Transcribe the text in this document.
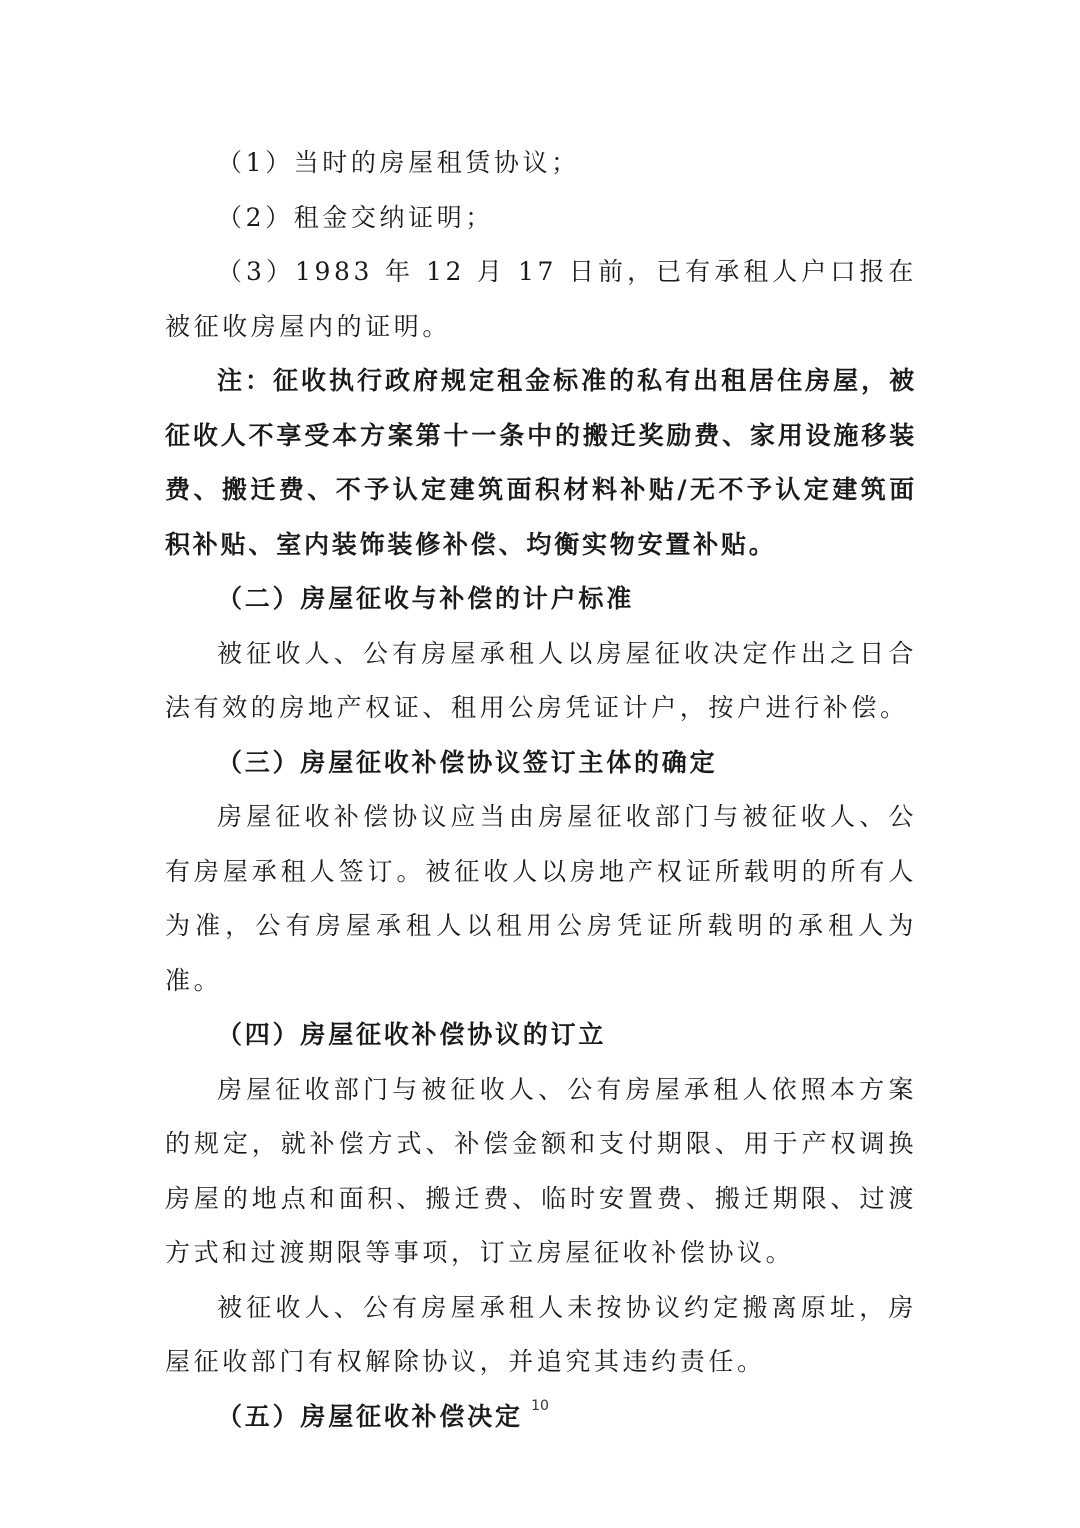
（1）当时的房屋租赁协议；

（2）租金交纳证明；

（3）1983 年 12 月 17 日前，已有承租人户口报在被征收房屋内的证明。

注：征收执行政府规定租金标准的私有出租居住房屋，被征收人不享受本方案第十一条中的搬迁奖励费、家用设施移装费、搬迁费、不予认定建筑面积材料补贴/无不予认定建筑面积补贴、室内装饰装修补偿、均衡实物安置补贴。

（二）房屋征收与补偿的计户标准

被征收人、公有房屋承租人以房屋征收决定作出之日合法有效的房地产权证、租用公房凭证计户，按户进行补偿。

（三）房屋征收补偿协议签订主体的确定

房屋征收补偿协议应当由房屋征收部门与被征收人、公有房屋承租人签订。被征收人以房地产权证所载明的所有人为准，公有房屋承租人以租用公房凭证所载明的承租人为准。

（四）房屋征收补偿协议的订立

房屋征收部门与被征收人、公有房屋承租人依照本方案的规定，就补偿方式、补偿金额和支付期限、用于产权调换房屋的地点和面积、搬迁费、临时安置费、搬迁期限、过渡方式和过渡期限等事项，订立房屋征收补偿协议。

被征收人、公有房屋承租人未按协议约定搬离原址，房屋征收部门有权解除协议，并追究其违约责任。

（五）房屋征收补偿决定 10
